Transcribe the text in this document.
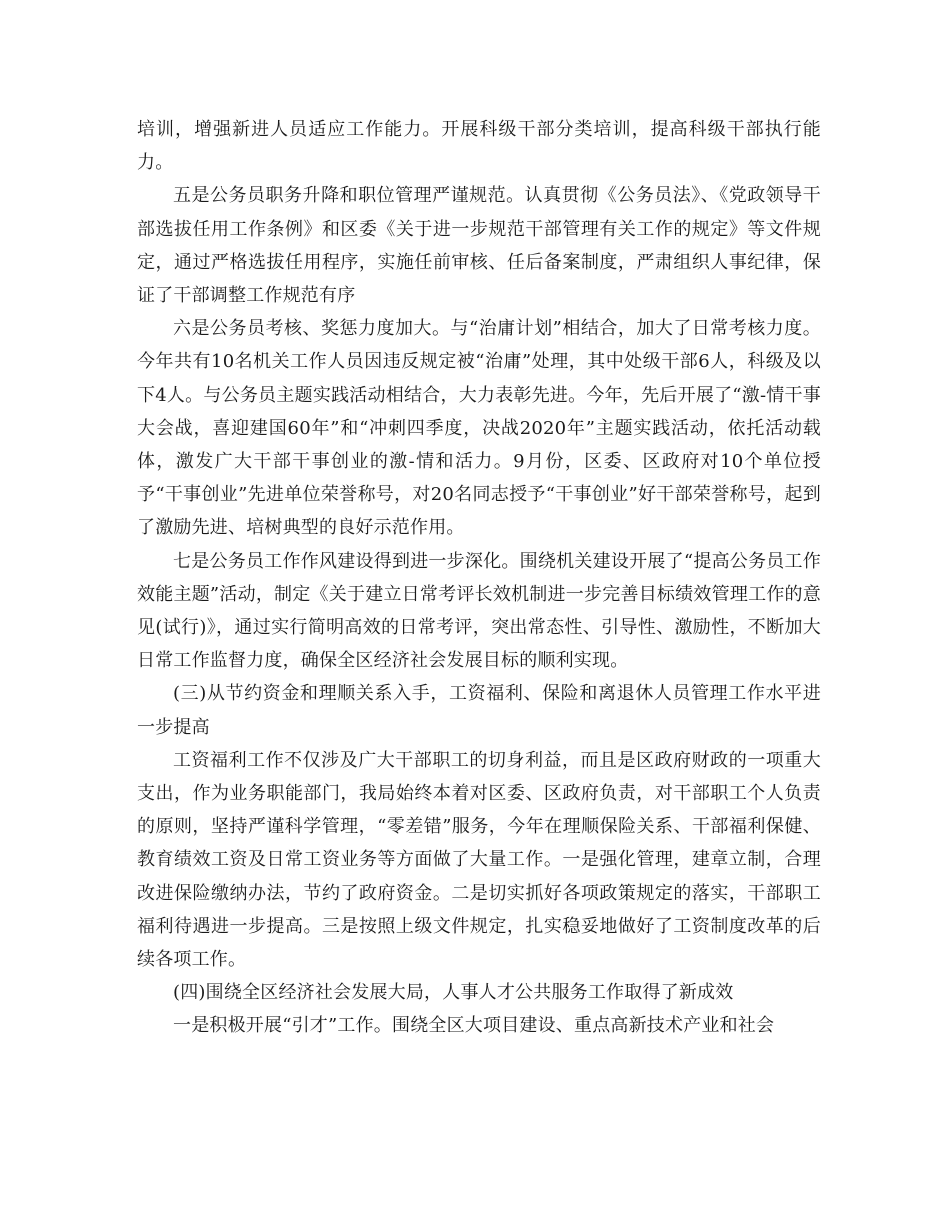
培训，增强新进人员适应工作能力。开展科级干部分类培训，提高科级干部执行能力。

五是公务员职务升降和职位管理严谨规范。认真贯彻《公务员法》、《党政领导干部选拔任用工作条例》和区委《关于进一步规范干部管理有关工作的规定》等文件规定，通过严格选拔任用程序，实施任前审核、任后备案制度，严肃组织人事纪律，保证了干部调整工作规范有序

六是公务员考核、奖惩力度加大。与“治庸计划”相结合，加大了日常考核力度。今年共有10名机关工作人员因违反规定被“治庸”处理，其中处级干部6人，科级及以下4人。与公务员主题实践活动相结合，大力表彰先进。今年，先后开展了“激-情干事大会战，喜迎建国60年”和“冲刺四季度，决战2020年”主题实践活动，依托活动载体，激发广大干部干事创业的激-情和活力。9月份，区委、区政府对10个单位授予“干事创业”先进单位荣誉称号，对20名同志授予“干事创业”好干部荣誉称号，起到了激励先进、培树典型的良好示范作用。

七是公务员工作作风建设得到进一步深化。围绕机关建设开展了“提高公务员工作效能主题”活动，制定《关于建立日常考评长效机制进一步完善目标绩效管理工作的意见(试行)》，通过实行简明高效的日常考评，突出常态性、引导性、激励性，不断加大日常工作监督力度，确保全区经济社会发展目标的顺利实现。

(三)从节约资金和理顺关系入手，工资福利、保险和离退休人员管理工作水平进一步提高

工资福利工作不仅涉及广大干部职工的切身利益，而且是区政府财政的一项重大支出，作为业务职能部门，我局始终本着对区委、区政府负责，对干部职工个人负责的原则，坚持严谨科学管理，“零差错”服务，今年在理顺保险关系、干部福利保健、教育绩效工资及日常工资业务等方面做了大量工作。一是强化管理，建章立制，合理改进保险缴纳办法，节约了政府资金。二是切实抓好各项政策规定的落实，干部职工福利待遇进一步提高。三是按照上级文件规定，扎实稳妥地做好了工资制度改革的后续各项工作。

(四)围绕全区经济社会发展大局，人事人才公共服务工作取得了新成效

一是积极开展“引才”工作。围绕全区大项目建设、重点高新技术产业和社会
